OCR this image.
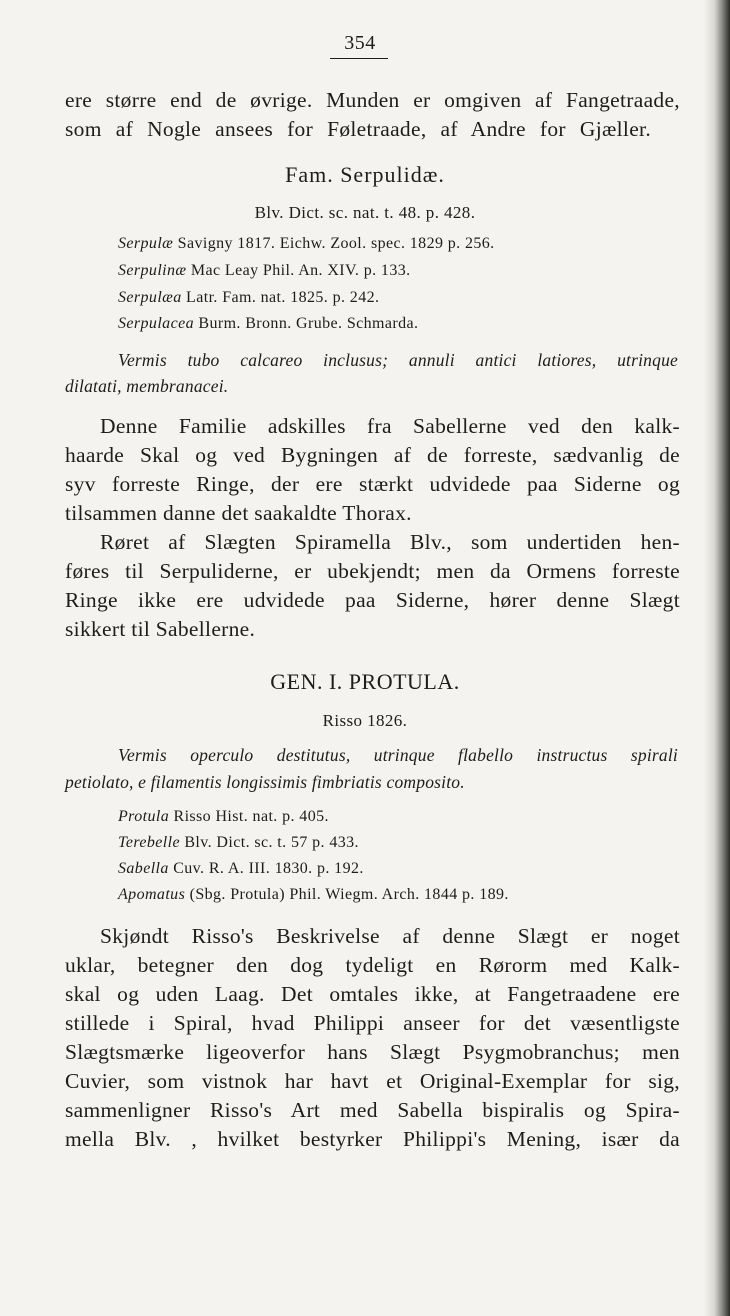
354
ere større end de øvrige. Munden er omgiven af Fangetraade,
som af Nogle ansees for Føletraade, af Andre for Gjæller.
Fam. Serpulidæ.
Blv. Dict. sc. nat. t. 48. p. 428.
Serpulæ Savigny 1817. Eichw. Zool. spec. 1829 p. 256.
Serpulinæ Mac Leay Phil. An. XIV. p. 133.
Serpulæa Latr. Fam. nat. 1825. p. 242.
Serpulacea Burm. Bronn. Grube. Schmarda.
Vermis tubo calcareo inclusus; annuli antici latiores, utrinque
dilatati, membranacei.
Denne Familie adskilles fra Sabellerne ved den kalk-
haarde Skal og ved Bygningen af de forreste, sædvanlig de
syv forreste Ringe, der ere stærkt udvidede paa Siderne og
tilsammen danne det saakaldte Thorax.
Røret af Slægten Spiramella Blv., som undertiden hen-
føres til Serpuliderne, er ubekjendt; men da Ormens forreste
Ringe ikke ere udvidede paa Siderne, hører denne Slægt
sikkert til Sabellerne.
GEN. I. PROTULA.
Risso 1826.
Vermis operculo destitutus, utrinque flabello instructus spirali
petiolato, e filamentis longissimis fimbriatis composito.
Protula Risso Hist. nat. p. 405.
Terebelle Blv. Dict. sc. t. 57 p. 433.
Sabella Cuv. R. A. III. 1830. p. 192.
Apomatus (Sbg. Protula) Phil. Wiegm. Arch. 1844 p. 189.
Skjøndt Risso's Beskrivelse af denne Slægt er noget
uklar, betegner den dog tydeligt en Rørorm med Kalk-
skal og uden Laag. Det omtales ikke, at Fangetraadene ere
stillede i Spiral, hvad Philippi anseer for det væsentligste
Slægtsmærke ligeoverfor hans Slægt Psygmobranchus; men
Cuvier, som vistnok har havt et Original-Exemplar for sig,
sammenligner Risso's Art med Sabella bispiralis og Spira-
mella Blv. , hvilket bestyrker Philippi's Mening, især da
